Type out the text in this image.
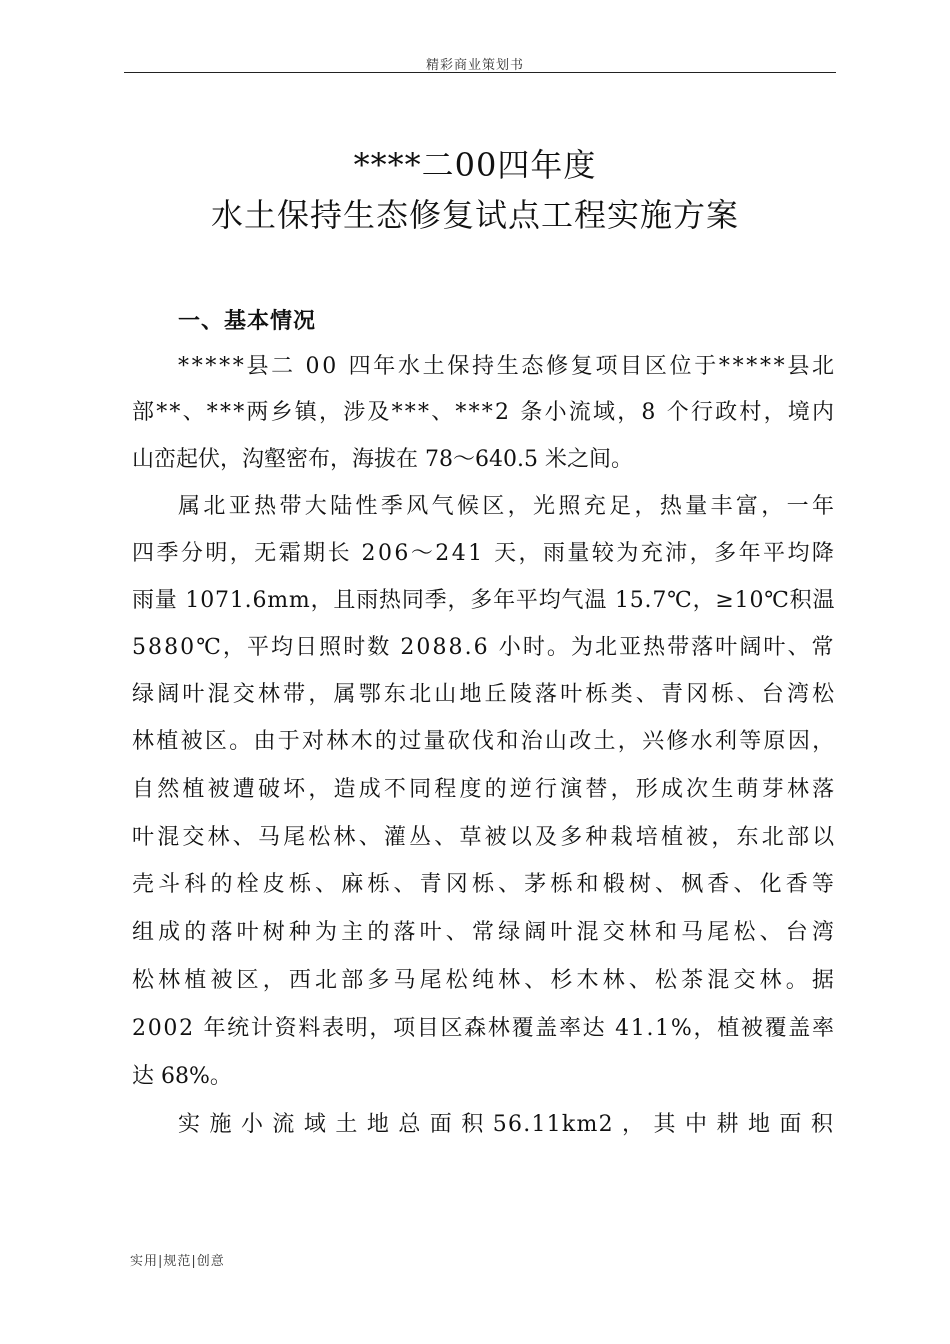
精彩商业策划书
****二00四年度
水土保持生态修复试点工程实施方案
一、基本情况
*****县二 00 四年水土保持生态修复项目区位于*****县北
部**、***两乡镇，涉及***、***2 条小流域，8 个行政村，境内
山峦起伏，沟壑密布，海拔在 78～640.5 米之间。
属北亚热带大陆性季风气候区，光照充足，热量丰富，一年
四季分明，无霜期长 206～241 天，雨量较为充沛，多年平均降
雨量 1071.6mm，且雨热同季，多年平均气温 15.7℃，≥10℃积温
5880℃，平均日照时数 2088.6 小时。为北亚热带落叶阔叶、常
绿阔叶混交林带，属鄂东北山地丘陵落叶栎类、青冈栎、台湾松
林植被区。由于对林木的过量砍伐和治山改土，兴修水利等原因，
自然植被遭破坏，造成不同程度的逆行演替，形成次生萌芽林落
叶混交林、马尾松林、灌丛、草被以及多种栽培植被，东北部以
壳斗科的栓皮栎、麻栎、青冈栎、茅栎和椴树、枫香、化香等
组成的落叶树种为主的落叶、常绿阔叶混交林和马尾松、台湾
松林植被区，西北部多马尾松纯林、杉木林、松茶混交林。据
2002 年统计资料表明，项目区森林覆盖率达 41.1%，植被覆盖率
达 68%。
实 施 小 流 域 土 地 总 面 积 56.11km2 ， 其 中 耕 地 面 积
实用|规范|创意
